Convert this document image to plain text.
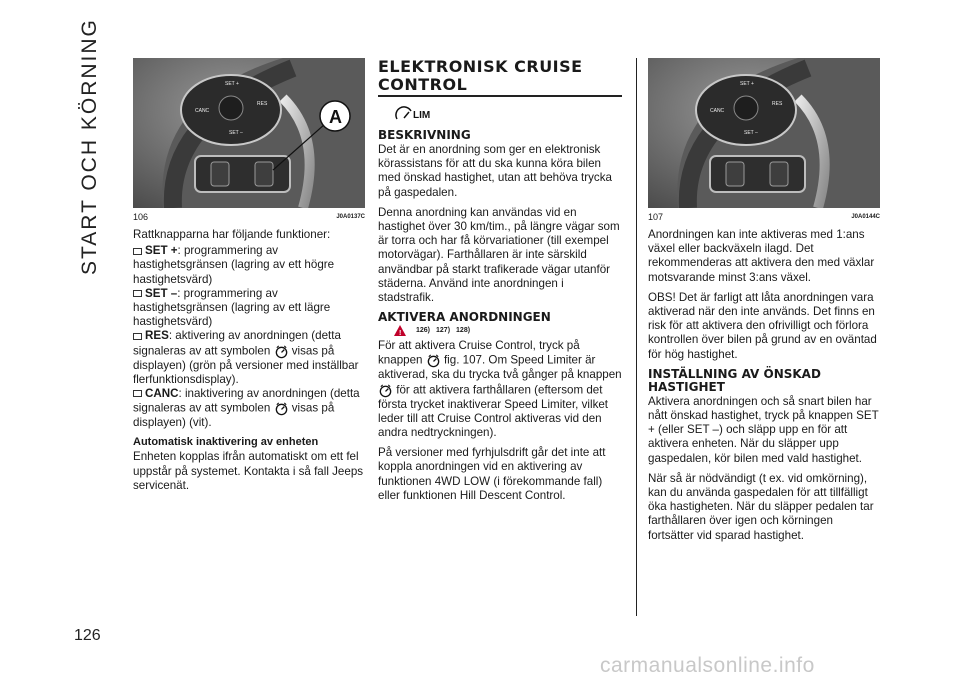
START OCH KÖRNING
126
SET +
CANC
RES
SET –
A
106	J0A0137C

Rattknapparna har följande funktioner:

SET +: programmering av hastighetsgränsen (lagring av ett högre hastighetsvärd)
SET –: programmering av hastighetsgränsen (lagring av ett lägre hastighetsvärd)
RES: aktivering av anordningen (detta signaleras av att symbolen visas på displayen) (grön på versioner med inställbar flerfunktionsdisplay).
CANC: inaktivering av anordningen (detta signaleras av att symbolen visas på displayen) (vit).
Automatisk inaktivering av enheten

Enheten kopplas ifrån automatiskt om ett fel uppstår på systemet. Kontakta i så fall Jeeps servicenät.

ELEKTRONISK CRUISE CONTROL
LIM
BESKRIVNING

Det är en anordning som ger en elektronisk körassistans för att du ska kunna köra bilen med önskad hastighet, utan att behöva trycka på gaspedalen.

Denna anordning kan användas vid en hastighet över 30 km/tim., på längre vägar som är torra och har få körvariationer (till exempel motorvägar). Farthållaren är inte särskild användbar på starkt trafikerade vägar utanför städerna. Använd inte anordningen i stadstrafik.

AKTIVERA ANORDNINGEN
! 126) 127) 128)

För att aktivera Cruise Control, tryck på knappen fig. 107. Om Speed Limiter är aktiverad, ska du trycka två gånger på knappen  för att aktivera farthållaren (eftersom det första trycket inaktiverar Speed Limiter, vilket leder till att Cruise Control aktiveras vid den andra nedtryckningen).

På versioner med fyrhjulsdrift går det inte att koppla anordningen vid en aktivering av funktionen 4WD LOW (i förekommande fall) eller funktionen Hill Descent Control.

SET +
CANC
RES
SET –
107	J0A0144C

Anordningen kan inte aktiveras med 1:ans växel eller backväxeln ilagd. Det rekommenderas att aktivera den med växlar motsvarande minst 3:ans växel.

OBS! Det är farligt att låta anordningen vara aktiverad när den inte används. Det finns en risk för att aktivera den ofrivilligt och förlora kontrollen över bilen på grund av en oväntad för hög hastighet.

INSTÄLLNING AV ÖNSKAD HASTIGHET

Aktivera anordningen och så snart bilen har nått önskad hastighet, tryck på knappen SET + (eller SET –) och släpp upp en för att aktivera enheten. När du släpper upp gaspedalen, kör bilen med vald hastighet.

När så är nödvändigt (t ex. vid omkörning), kan du använda gaspedalen för att tillfälligt öka hastigheten. När du släpper pedalen tar farthållaren över igen och körningen fortsätter vid sparad hastighet.

carmanualsonline.info
